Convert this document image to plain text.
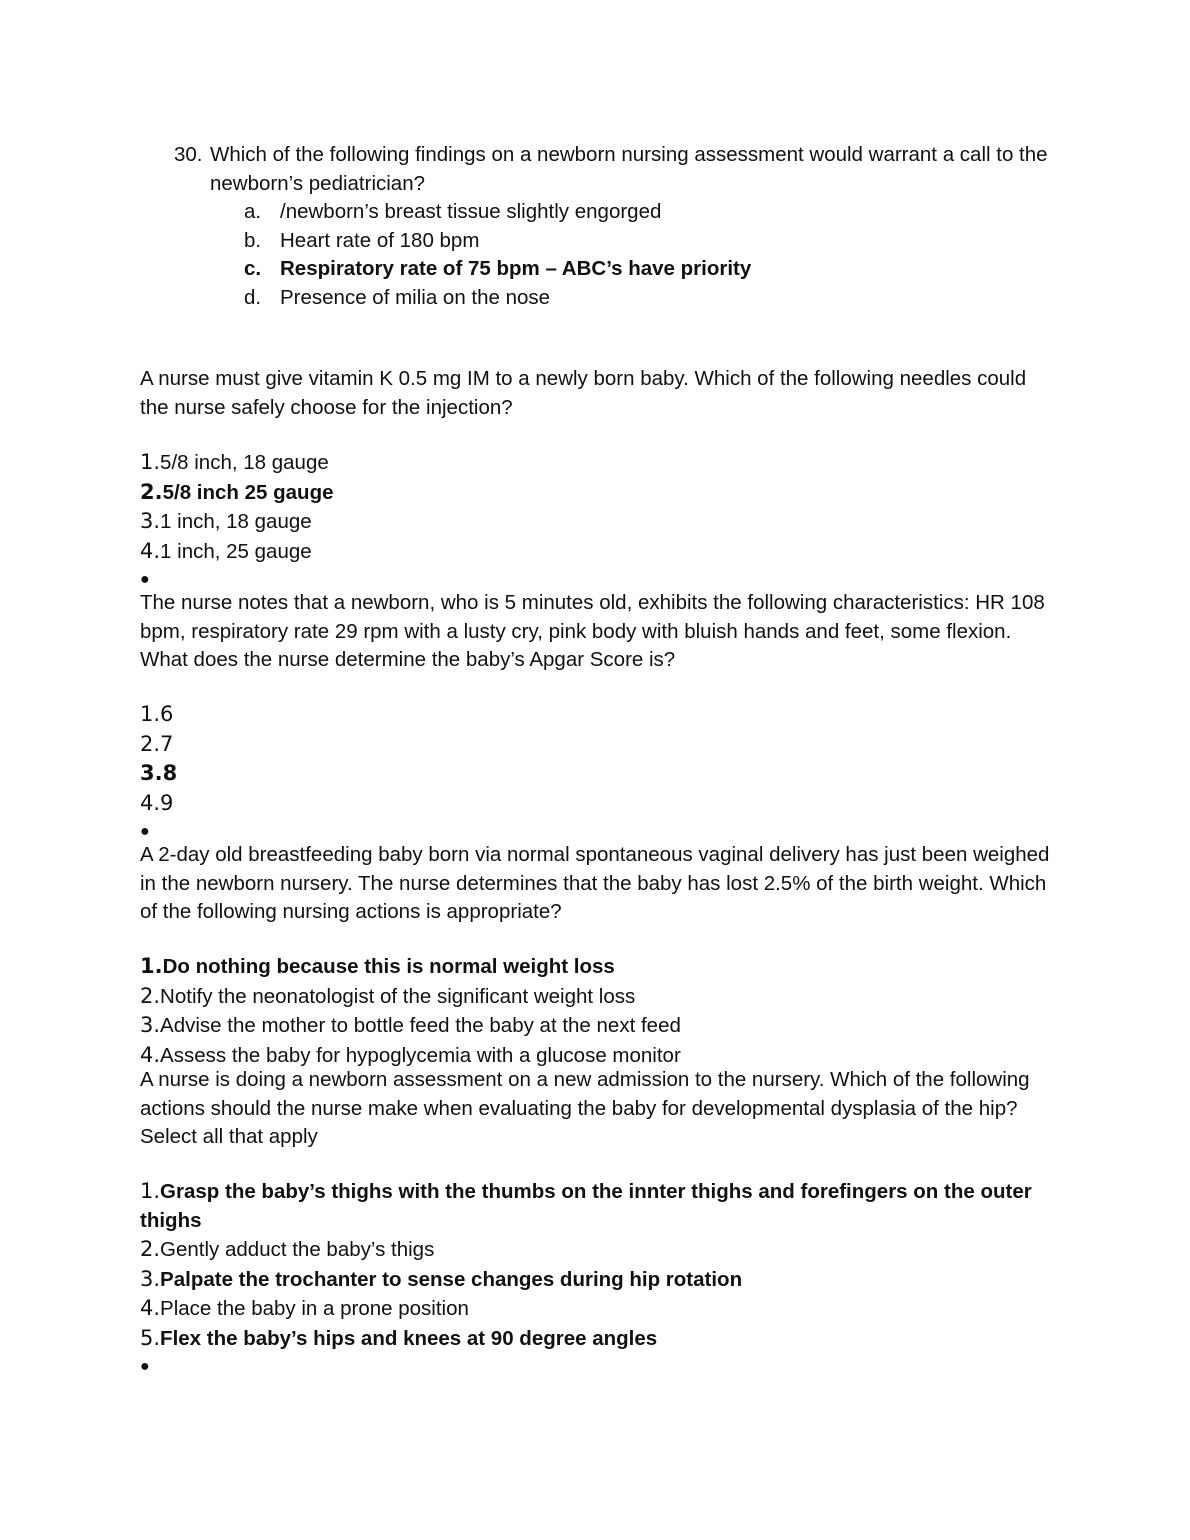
30. Which of the following findings on a newborn nursing assessment would warrant a call to the newborn’s pediatrician?
a. /newborn’s breast tissue slightly engorged
b. Heart rate of 180 bpm
c. Respiratory rate of 75 bpm – ABC’s have priority
d. Presence of milia on the nose

A nurse must give vitamin K 0.5 mg IM to a newly born baby. Which of the following needles could the nurse safely choose for the injection?

1.5/8 inch, 18 gauge
2.5/8 inch 25 gauge
3.1 inch, 18 gauge
4.1 inch, 25 gauge
●

The nurse notes that a newborn, who is 5 minutes old, exhibits the following characteristics: HR 108 bpm, respiratory rate 29 rpm with a lusty cry, pink body with bluish hands and feet, some flexion. What does the nurse determine the baby’s Apgar Score is?

1.6
2.7
3.8
4.9
●

A 2-day old breastfeeding baby born via normal spontaneous vaginal delivery has just been weighed in the newborn nursery. The nurse determines that the baby has lost 2.5% of the birth weight. Which of the following nursing actions is appropriate?

1.Do nothing because this is normal weight loss
2.Notify the neonatologist of the significant weight loss
3.Advise the mother to bottle feed the baby at the next feed
4.Assess the baby for hypoglycemia with a glucose monitor

A nurse is doing a newborn assessment on a new admission to the nursery. Which of the following actions should the nurse make when evaluating the baby for developmental dysplasia of the hip? Select all that apply

1.Grasp the baby’s thighs with the thumbs on the innter thighs and forefingers on the outer thighs
2.Gently adduct the baby’s thigs
3.Palpate the trochanter to sense changes during hip rotation
4.Place the baby in a prone position
5.Flex the baby’s hips and knees at 90 degree angles
●
